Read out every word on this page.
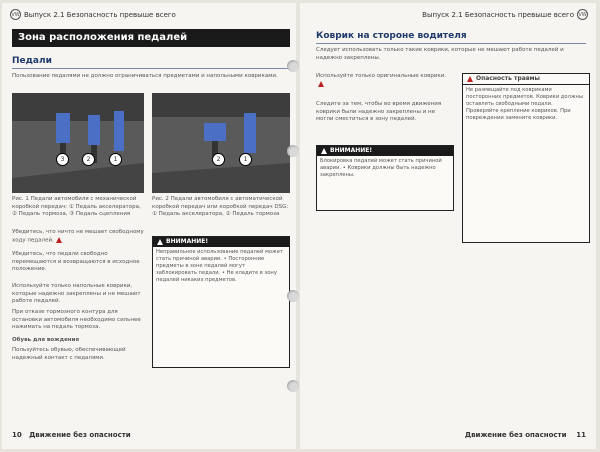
VW Выпуск 2.1 Безопасность превыше всего
Зона расположения педалей
Педали
Пользование педалями не должно ограничиваться предметами и напольными ковриками.
3	2	1	2	1
Рис. 1 Педали автомобиля с механической коробкой передач: ① Педаль акселератора, ② Педаль тормоза, ③ Педаль сцепления
Рис. 2 Педали автомобиля с автоматической коробкой передач или коробкой передач DSG: ① Педаль акселератора, ② Педаль тормоза
Убедитесь, что ничто не мешает свободному ходу педалей.
Убедитесь, что педали свободно перемещаются и возвращаются в исходное положение.
Используйте только напольные коврики, которые надежно закреплены и не мешают работе педалей.
При отказе тормозного контура для остановки автомобиля необходимо сильнее нажимать на педаль тормоза.
Обувь для вождения
Пользуйтесь обувью, обеспечивающей надежный контакт с педалями.
ВНИМАНИЕ!
Неправильное использование педалей может стать причиной аварии. • Посторонние предметы в зоне педалей могут заблокировать педали. • Не кладите в зону педалей никаких предметов.
10 Движение без опасности
Выпуск 2.1 Безопасность превыше всего VW
Коврик на стороне водителя
Следует использовать только такие коврики, которые не мешают работе педалей и надежно закреплены.
Используйте только оригинальные коврики.
Следите за тем, чтобы во время движения коврики были надежно закреплены и не могли сместиться в зону педалей.
ВНИМАНИЕ!
Блокировка педалей может стать причиной аварии. • Коврики должны быть надежно закреплены.
Опасность травмы
Не размещайте под ковриками посторонних предметов. Коврики должны оставлять свободными педали. Проверяйте крепление ковриков. При повреждении замените коврики.
Движение без опасности 11
